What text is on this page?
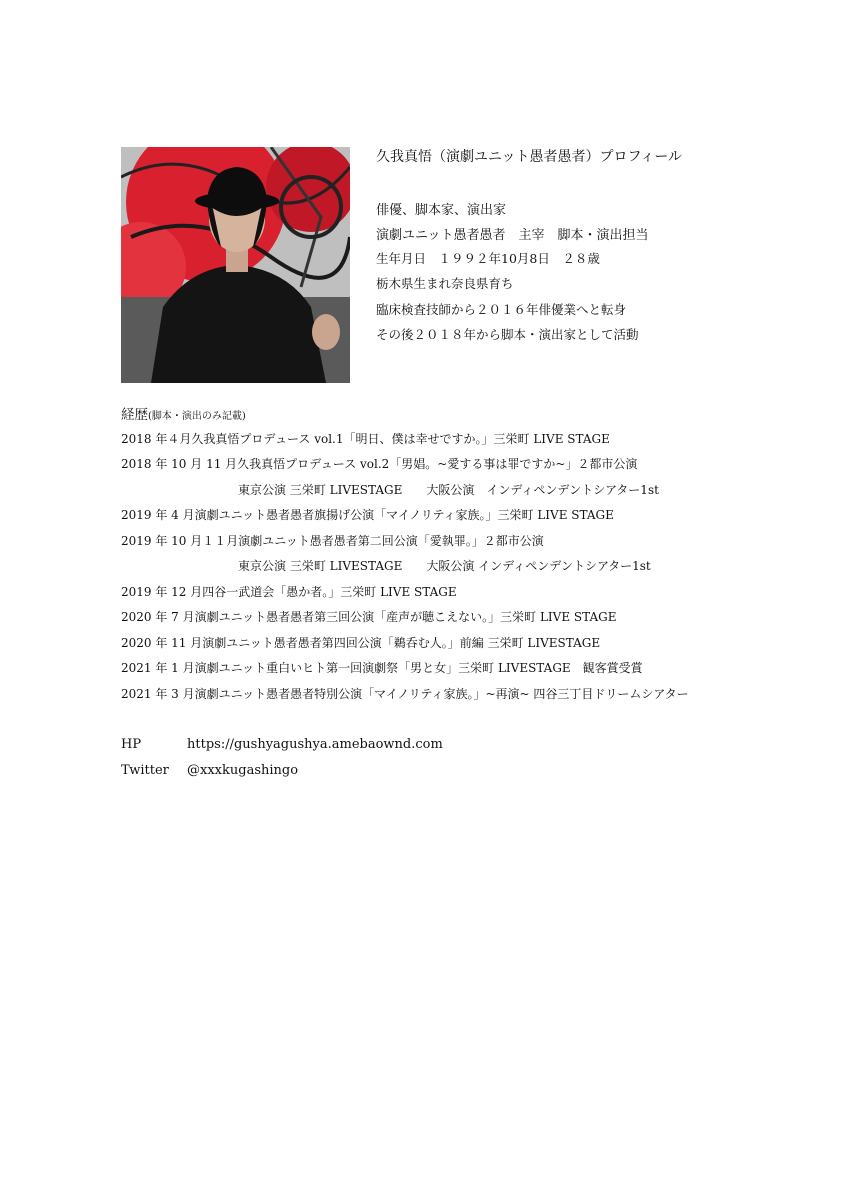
久我真悟（演劇ユニット愚者愚者）プロフィール
俳優、脚本家、演出家
演劇ユニット愚者愚者　主宰　脚本・演出担当
生年月日　１９９２年10月8日　２８歳
栃木県生まれ奈良県育ち
臨床検査技師から２０１６年俳優業へと転身
その後２０１８年から脚本・演出家として活動
経歴(脚本・演出のみ記載)
2018 年４月久我真悟プロデュース vol.1「明日、僕は幸せですか。」三栄町 LIVE STAGE
2018 年 10 月 11 月久我真悟プロデュース vol.2「男娼。~愛する事は罪ですか~」２都市公演
東京公演 三栄町 LIVESTAGE　　大阪公演　インディペンデントシアター1st
2019 年 4 月演劇ユニット愚者愚者旗揚げ公演「マイノリティ家族。」三栄町 LIVE STAGE
2019 年 10 月１１月演劇ユニット愚者愚者第二回公演「愛執罪。」２都市公演
東京公演 三栄町 LIVESTAGE　　大阪公演 インディペンデントシアター1st
2019 年 12 月四谷一武道会「愚か者。」三栄町 LIVE STAGE
2020 年 7 月演劇ユニット愚者愚者第三回公演「産声が聴こえない。」三栄町 LIVE STAGE
2020 年 11 月演劇ユニット愚者愚者第四回公演「鵜呑む人。」前編 三栄町 LIVESTAGE
2021 年 1 月演劇ユニット重白いヒト第一回演劇祭「男と女」三栄町 LIVESTAGE　観客賞受賞
2021 年 3 月演劇ユニット愚者愚者特別公演「マイノリティ家族。」~再演~ 四谷三丁目ドリームシアター
HP	https://gushyagushya.amebaownd.com
Twitter @xxxkugashingo
